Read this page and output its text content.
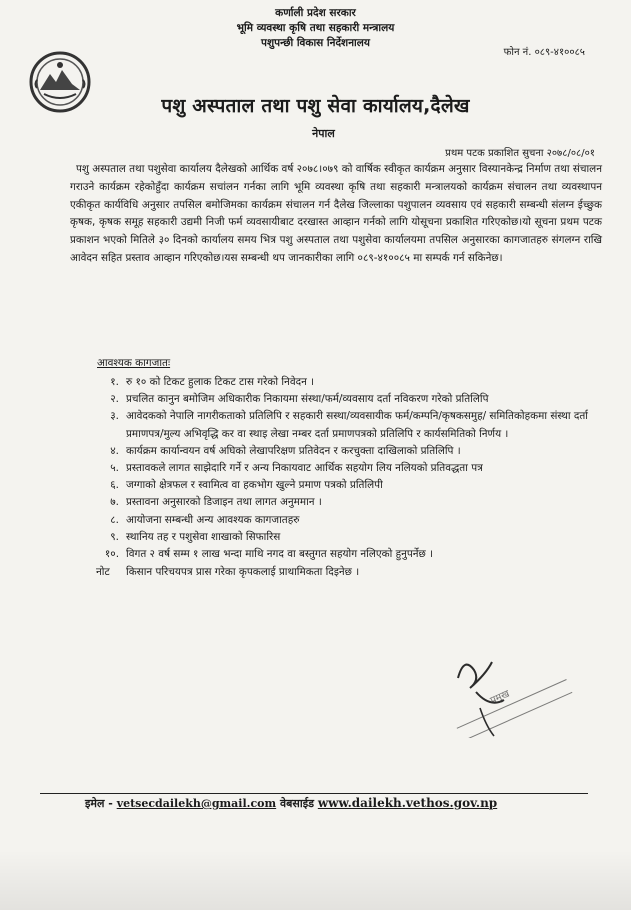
कर्णाली प्रदेश सरकार
भूमि व्यवस्था कृषि तथा सहकारी मन्त्रालय
पशुपन्छी विकास निर्देशनालय
फोन नं. ०८९-४१००८५
पशु अस्पताल तथा पशु सेवा कार्यालय,दैलेख
नेपाल
प्रथम पटक प्रकाशित सुचना २०७८/०८/०१
पशु अस्पताल तथा पशुसेवा कार्यालय दैलेखको आर्थिक वर्ष २०७८।०७९ को वार्षिक स्वीकृत कार्यक्रम अनुसार विस्यानकेन्द्र निर्माण तथा संचालन गराउने कार्यक्रम रहेकोहुँदा कार्यक्रम सचांलन गर्नका लागि भूमि व्यवस्था कृषि तथा सहकारी मन्त्रालयको कार्यक्रम संचालन तथा व्यवस्थापन एकीकृत कार्यविधि अनुसार तपसिल बमोजिमका कार्यक्रम संचालन गर्न दैलेख जिल्लाका पशुपालन व्यवसाय एवं सहकारी सम्बन्धी संलग्न ईच्छुक कृषक, कृषक समूह सहकारी उद्यमी निजी फर्म व्यवसायीबाट दरखास्त आव्हान गर्नको लागि योसूचना प्रकाशित गरिएकोछ।यो सूचना प्रथम पटक प्रकाशन भएको मितिले ३० दिनको कार्यालय समय भित्र पशु अस्पताल तथा पशुसेवा कार्यालयमा तपसिल अनुसारका कागजातहरु संगलग्न राखि आवेदन सहित प्रस्ताव आव्हान गरिएकोछ।यस सम्बन्धी थप जानकारीका लागि ०८९-४१००८५ मा सम्पर्क गर्न सकिनेछ।
आवश्यक कागजातः
१. रु १० को टिकट हुलाक टिकट टास गरेको निवेदन ।
२. प्रचलित कानुन बमोजिम अधिकारीक निकायमा संस्था/फर्म/व्यवसाय दर्ता नविकरण गरेको प्रतिलिपि
३. आवेदकको नेपालि नागरीकताको प्रतिलिपि र सहकारी सस्था/व्यवसायीक फर्म/कम्पनि/कृषकसमुह/ समितिकोहकमा संस्था दर्ता प्रमाणपत्र/मुल्य अभिवृद्धि कर वा स्थाइ लेखा नम्बर दर्ता प्रमाणपत्रको प्रतिलिपि र कार्यसमितिको निर्णय ।
४. कार्यक्रम कार्यान्वयन वर्ष अघिको लेखापरिक्षण प्रतिवेदन र करचुक्ता दाखिलाको प्रतिलिपि ।
५. प्रस्तावकले लागत साझेदारि गर्ने र अन्य निकायवाट आर्थिक सहयोग लिय नलियको प्रतिवद्धता पत्र
६. जग्गाको क्षेत्रफल र स्वामित्व वा हकभोग खुल्ने प्रमाण पत्रको प्रतिलिपी
७. प्रस्तावना अनुसारको डिजाइन तथा लागत अनुममान ।
८. आयोजना सम्बन्धी अन्य आवश्यक कागजातहरु
९. स्थानिय तह र पशुसेवा शाखाको सिफारिस
१०. विगत २ वर्ष सम्म १ लाख भन्दा माथि नगद वा बस्तुगत सहयोग नलिएको हुनुपर्नेछ ।
नोट	किसान परिचयपत्र प्रास गरेका कृपकलाई प्राथामिकता दिइनेछ ।
प्रमुख
इमेल - vetsecdailekh@gmail.com वेबसाईड www.dailekh.vethos.gov.np
